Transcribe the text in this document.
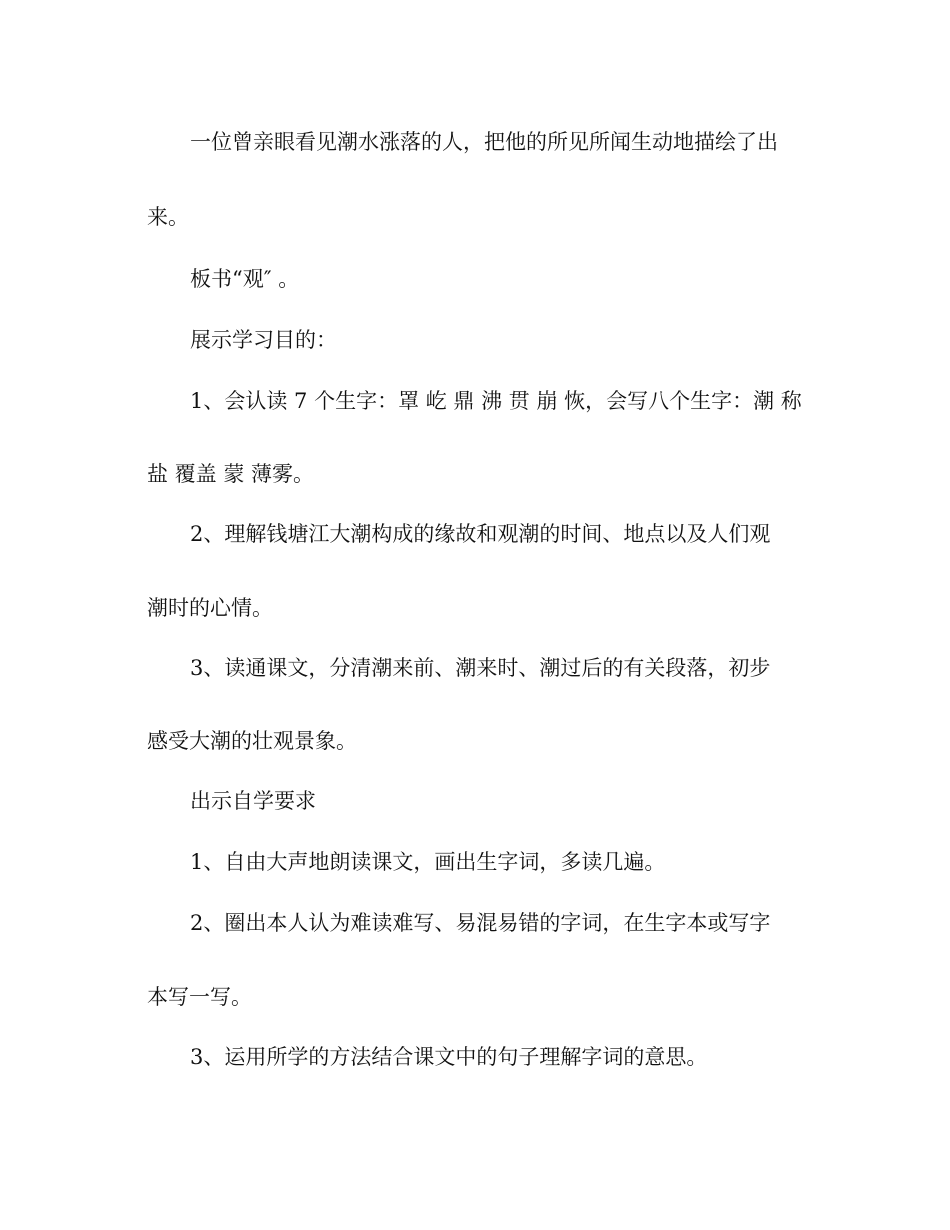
一位曾亲眼看见潮水涨落的人，把他的所见所闻生动地描绘了出
来。
板书“观″ 。
展示学习目的：
1、会认读 7 个生字：罩 屹 鼎 沸 贯 崩 恢，会写八个生字：潮 称
盐 覆盖 蒙 薄雾。
2、理解钱塘江大潮构成的缘故和观潮的时间、地点以及人们观
潮时的心情。
3、读通课文，分清潮来前、潮来时、潮过后的有关段落，初步
感受大潮的壮观景象。
出示自学要求
1、自由大声地朗读课文，画出生字词，多读几遍。
2、圈出本人认为难读难写、易混易错的字词，在生字本或写字
本写一写。
3、运用所学的方法结合课文中的句子理解字词的意思。
